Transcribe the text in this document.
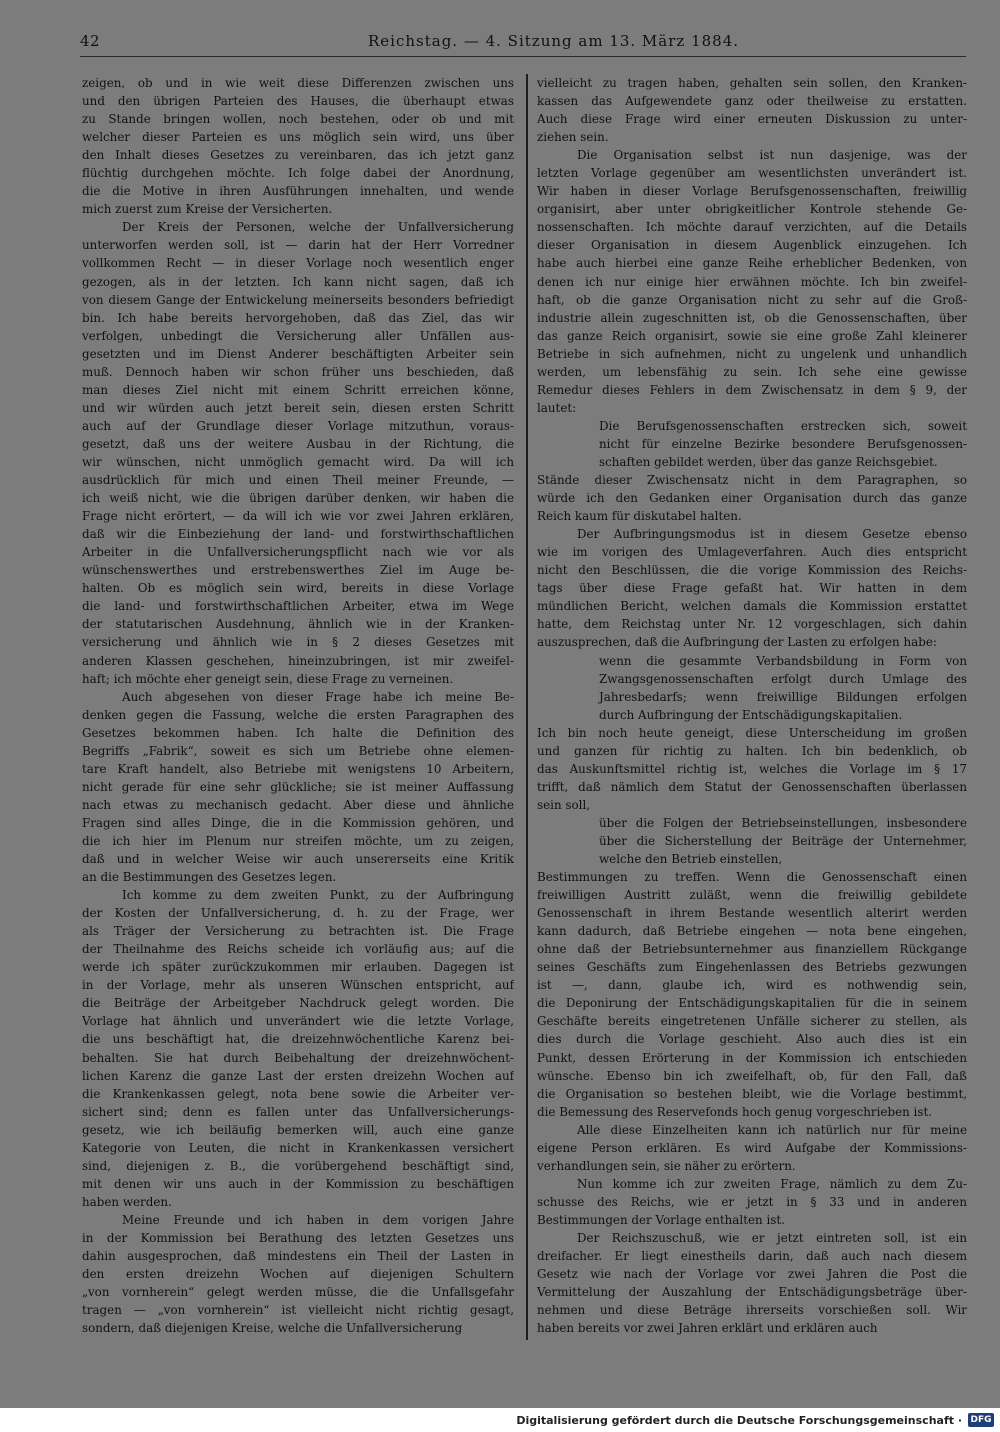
42	Reichstag. — 4. Sitzung am 13. März 1884.
zeigen, ob und in wie weit diese Differenzen zwischen uns
und den übrigen Parteien des Hauses, die überhaupt etwas
zu Stande bringen wollen, noch bestehen, oder ob und mit
welcher dieser Parteien es uns möglich sein wird, uns über
den Inhalt dieses Gesetzes zu vereinbaren, das ich jetzt ganz
flüchtig durchgehen möchte. Ich folge dabei der Anordnung,
die die Motive in ihren Ausführungen innehalten, und wende
mich zuerst zum Kreise der Versicherten.
Der Kreis der Personen, welche der Unfallversicherung
unterworfen werden soll, ist — darin hat der Herr Vorredner
vollkommen Recht — in dieser Vorlage noch wesentlich enger
gezogen, als in der letzten. Ich kann nicht sagen, daß ich
von diesem Gange der Entwickelung meinerseits besonders befriedigt
bin. Ich habe bereits hervorgehoben, daß das Ziel, das wir
verfolgen, unbedingt die Versicherung aller Unfällen aus-
gesetzten und im Dienst Anderer beschäftigten Arbeiter sein
muß. Dennoch haben wir schon früher uns beschieden, daß
man dieses Ziel nicht mit einem Schritt erreichen könne,
und wir würden auch jetzt bereit sein, diesen ersten Schritt
auch auf der Grundlage dieser Vorlage mitzuthun, voraus-
gesetzt, daß uns der weitere Ausbau in der Richtung, die
wir wünschen, nicht unmöglich gemacht wird. Da will ich
ausdrücklich für mich und einen Theil meiner Freunde, —
ich weiß nicht, wie die übrigen darüber denken, wir haben die
Frage nicht erörtert, — da will ich wie vor zwei Jahren erklären,
daß wir die Einbeziehung der land- und forstwirthschaftlichen
Arbeiter in die Unfallversicherungspflicht nach wie vor als
wünschenswerthes und erstrebenswerthes Ziel im Auge be-
halten. Ob es möglich sein wird, bereits in diese Vorlage
die land- und forstwirthschaftlichen Arbeiter, etwa im Wege
der statutarischen Ausdehnung, ähnlich wie in der Kranken-
versicherung und ähnlich wie in § 2 dieses Gesetzes mit
anderen Klassen geschehen, hineinzubringen, ist mir zweifel-
haft; ich möchte eher geneigt sein, diese Frage zu verneinen.
Auch abgesehen von dieser Frage habe ich meine Be-
denken gegen die Fassung, welche die ersten Paragraphen des
Gesetzes bekommen haben. Ich halte die Definition des
Begriffs „Fabrik“, soweit es sich um Betriebe ohne elemen-
tare Kraft handelt, also Betriebe mit wenigstens 10 Arbeitern,
nicht gerade für eine sehr glückliche; sie ist meiner Auffassung
nach etwas zu mechanisch gedacht. Aber diese und ähnliche
Fragen sind alles Dinge, die in die Kommission gehören, und
die ich hier im Plenum nur streifen möchte, um zu zeigen,
daß und in welcher Weise wir auch unsererseits eine Kritik
an die Bestimmungen des Gesetzes legen.
Ich komme zu dem zweiten Punkt, zu der Aufbringung
der Kosten der Unfallversicherung, d. h. zu der Frage, wer
als Träger der Versicherung zu betrachten ist. Die Frage
der Theilnahme des Reichs scheide ich vorläufig aus; auf die
werde ich später zurückzukommen mir erlauben. Dagegen ist
in der Vorlage, mehr als unseren Wünschen entspricht, auf
die Beiträge der Arbeitgeber Nachdruck gelegt worden. Die
Vorlage hat ähnlich und unverändert wie die letzte Vorlage,
die uns beschäftigt hat, die dreizehnwöchentliche Karenz bei-
behalten. Sie hat durch Beibehaltung der dreizehnwöchent-
lichen Karenz die ganze Last der ersten dreizehn Wochen auf
die Krankenkassen gelegt, nota bene sowie die Arbeiter ver-
sichert sind; denn es fallen unter das Unfallversicherungs-
gesetz, wie ich beiläufig bemerken will, auch eine ganze
Kategorie von Leuten, die nicht in Krankenkassen versichert
sind, diejenigen z. B., die vorübergehend beschäftigt sind,
mit denen wir uns auch in der Kommission zu beschäftigen
haben werden.
Meine Freunde und ich haben in dem vorigen Jahre
in der Kommission bei Berathung des letzten Gesetzes uns
dahin ausgesprochen, daß mindestens ein Theil der Lasten in
den ersten dreizehn Wochen auf diejenigen Schultern
„von vornherein“ gelegt werden müsse, die die Unfallsgefahr
tragen — „von vornherein“ ist vielleicht nicht richtig gesagt,
sondern, daß diejenigen Kreise, welche die Unfallversicherung
vielleicht zu tragen haben, gehalten sein sollen, den Kranken-
kassen das Aufgewendete ganz oder theilweise zu erstatten.
Auch diese Frage wird einer erneuten Diskussion zu unter-
ziehen sein.
Die Organisation selbst ist nun dasjenige, was der
letzten Vorlage gegenüber am wesentlichsten unverändert ist.
Wir haben in dieser Vorlage Berufsgenossenschaften, freiwillig
organisirt, aber unter obrigkeitlicher Kontrole stehende Ge-
nossenschaften. Ich möchte darauf verzichten, auf die Details
dieser Organisation in diesem Augenblick einzugehen. Ich
habe auch hierbei eine ganze Reihe erheblicher Bedenken, von
denen ich nur einige hier erwähnen möchte. Ich bin zweifel-
haft, ob die ganze Organisation nicht zu sehr auf die Groß-
industrie allein zugeschnitten ist, ob die Genossenschaften, über
das ganze Reich organisirt, sowie sie eine große Zahl kleinerer
Betriebe in sich aufnehmen, nicht zu ungelenk und unhandlich
werden, um lebensfähig zu sein. Ich sehe eine gewisse
Remedur dieses Fehlers in dem Zwischensatz in dem § 9, der
lautet:
Die Berufsgenossenschaften erstrecken sich, soweit
nicht für einzelne Bezirke besondere Berufsgenossen-
schaften gebildet werden, über das ganze Reichsgebiet.
Stände dieser Zwischensatz nicht in dem Paragraphen, so
würde ich den Gedanken einer Organisation durch das ganze
Reich kaum für diskutabel halten.
Der Aufbringungsmodus ist in diesem Gesetze ebenso
wie im vorigen des Umlageverfahren. Auch dies entspricht
nicht den Beschlüssen, die die vorige Kommission des Reichs-
tags über diese Frage gefaßt hat. Wir hatten in dem
mündlichen Bericht, welchen damals die Kommission erstattet
hatte, dem Reichstag unter Nr. 12 vorgeschlagen, sich dahin
auszusprechen, daß die Aufbringung der Lasten zu erfolgen habe:
wenn die gesammte Verbandsbildung in Form von
Zwangsgenossenschaften erfolgt durch Umlage des
Jahresbedarfs; wenn freiwillige Bildungen erfolgen
durch Aufbringung der Entschädigungskapitalien.
Ich bin noch heute geneigt, diese Unterscheidung im großen
und ganzen für richtig zu halten. Ich bin bedenklich, ob
das Auskunftsmittel richtig ist, welches die Vorlage im § 17
trifft, daß nämlich dem Statut der Genossenschaften überlassen
sein soll,
über die Folgen der Betriebseinstellungen, insbesondere
über die Sicherstellung der Beiträge der Unternehmer,
welche den Betrieb einstellen,
Bestimmungen zu treffen. Wenn die Genossenschaft einen
freiwilligen Austritt zuläßt, wenn die freiwillig gebildete
Genossenschaft in ihrem Bestande wesentlich alterirt werden
kann dadurch, daß Betriebe eingehen — nota bene eingehen,
ohne daß der Betriebsunternehmer aus finanziellem Rückgange
seines Geschäfts zum Eingehenlassen des Betriebs gezwungen
ist —, dann, glaube ich, wird es nothwendig sein,
die Deponirung der Entschädigungskapitalien für die in seinem
Geschäfte bereits eingetretenen Unfälle sicherer zu stellen, als
dies durch die Vorlage geschieht. Also auch dies ist ein
Punkt, dessen Erörterung in der Kommission ich entschieden
wünsche. Ebenso bin ich zweifelhaft, ob, für den Fall, daß
die Organisation so bestehen bleibt, wie die Vorlage bestimmt,
die Bemessung des Reservefonds hoch genug vorgeschrieben ist.
Alle diese Einzelheiten kann ich natürlich nur für meine
eigene Person erklären. Es wird Aufgabe der Kommissions-
verhandlungen sein, sie näher zu erörtern.
Nun komme ich zur zweiten Frage, nämlich zu dem Zu-
schusse des Reichs, wie er jetzt in § 33 und in anderen
Bestimmungen der Vorlage enthalten ist.
Der Reichszuschuß, wie er jetzt eintreten soll, ist ein
dreifacher. Er liegt einestheils darin, daß auch nach diesem
Gesetz wie nach der Vorlage vor zwei Jahren die Post die
Vermittelung der Auszahlung der Entschädigungsbeträge über-
nehmen und diese Beträge ihrerseits vorschießen soll. Wir
haben bereits vor zwei Jahren erklärt und erklären auch
Digitalisierung gefördert durch die Deutsche Forschungsgemeinschaft · DFG
